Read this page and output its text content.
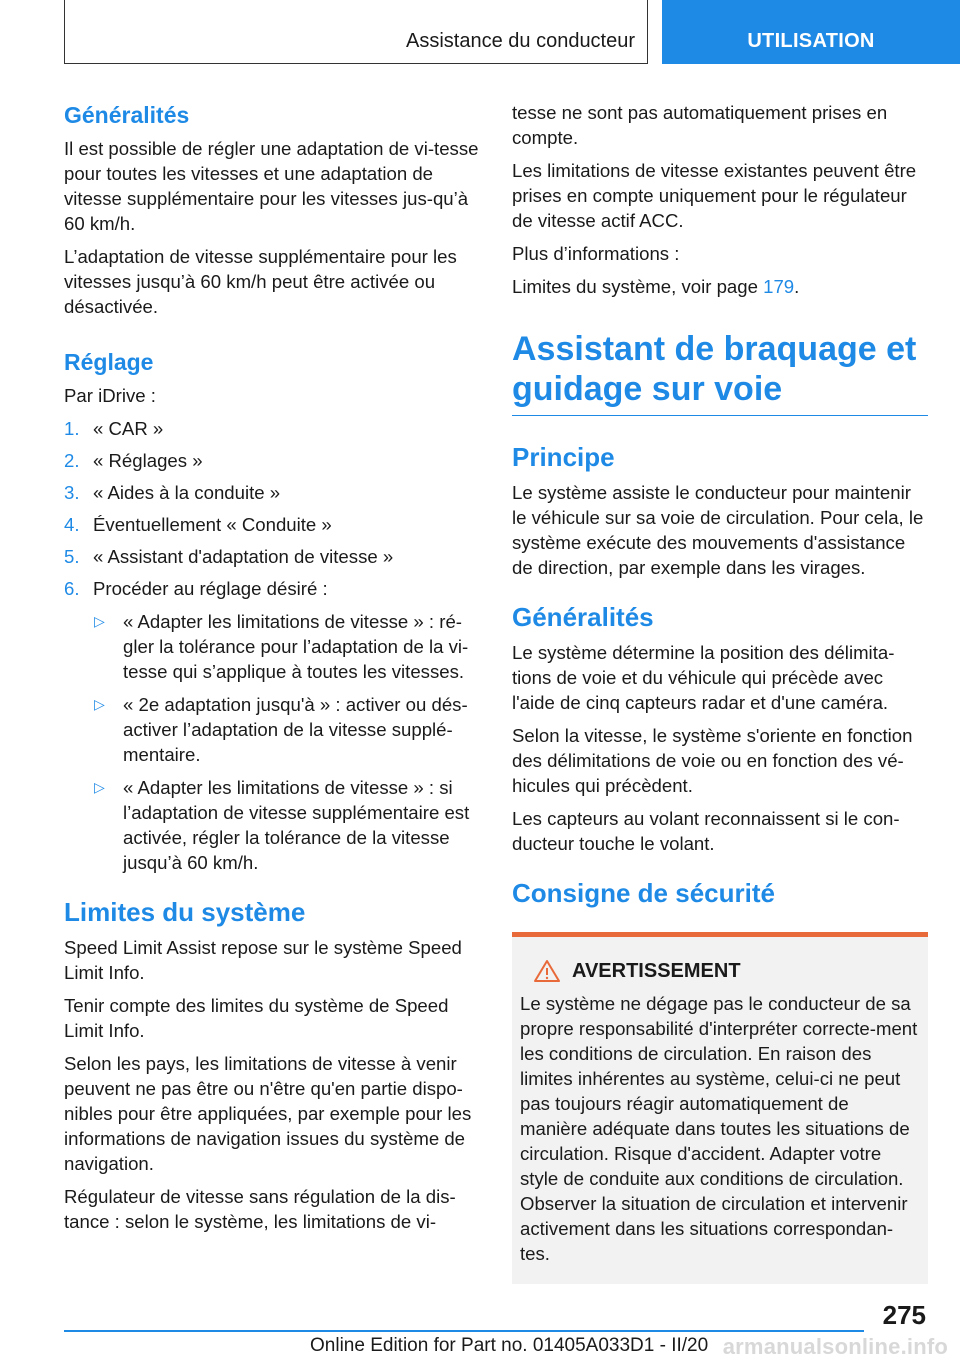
Assistance du conducteur	UTILISATION
Généralités

Il est possible de régler une adaptation de vi-tesse pour toutes les vitesses et une adaptation de vitesse supplémentaire pour les vitesses jus-qu’à 60 km/h.

L’adaptation de vitesse supplémentaire pour les vitesses jusqu’à 60 km/h peut être activée ou désactivée.

Réglage

Par iDrive :

1. « CAR »
2. « Réglages »
3. « Aides à la conduite »
4. Éventuellement « Conduite »
5. « Assistant d'adaptation de vitesse »
6. Procéder au réglage désiré :
▷ « Adapter les limitations de vitesse » : ré-gler la tolérance pour l’adaptation de la vi-tesse qui s’applique à toutes les vitesses.
▷ « 2e adaptation jusqu'à » : activer ou dés-activer l’adaptation de la vitesse supplé-mentaire.
▷ « Adapter les limitations de vitesse » : si l’adaptation de vitesse supplémentaire est activée, régler la tolérance de la vitesse jusqu’à 60 km/h.
Limites du système

Speed Limit Assist repose sur le système Speed Limit Info.

Tenir compte des limites du système de Speed Limit Info.

Selon les pays, les limitations de vitesse à venir peuvent ne pas être ou n'être qu'en partie dispo-nibles pour être appliquées, par exemple pour les informations de navigation issues du système de navigation.

Régulateur de vitesse sans régulation de la dis-tance : selon le système, les limitations de vi-

tesse ne sont pas automatiquement prises en compte.

Les limitations de vitesse existantes peuvent être prises en compte uniquement pour le régulateur de vitesse actif ACC.

Plus d’informations :

Limites du système, voir page 179.

Assistant de braquage et guidage sur voie
Principe

Le système assiste le conducteur pour maintenir le véhicule sur sa voie de circulation. Pour cela, le système exécute des mouvements d'assistance de direction, par exemple dans les virages.

Généralités

Le système détermine la position des délimita-tions de voie et du véhicule qui précède avec l'aide de cinq capteurs radar et d'une caméra.

Selon la vitesse, le système s'oriente en fonction des délimitations de voie ou en fonction des vé-hicules qui précèdent.

Les capteurs au volant reconnaissent si le con-ducteur touche le volant.

Consigne de sécurité
AVERTISSEMENT

Le système ne dégage pas le conducteur de sa propre responsabilité d'interpréter correcte-ment les conditions de circulation. En raison des limites inhérentes au système, celui-ci ne peut pas toujours réagir automatiquement de manière adéquate dans toutes les situations de circulation. Risque d'accident. Adapter votre style de conduite aux conditions de circulation. Observer la situation de circulation et intervenir activement dans les situations correspondan-tes.

275
Online Edition for Part no. 01405A033D1 - II/20 armanualsonline.info
